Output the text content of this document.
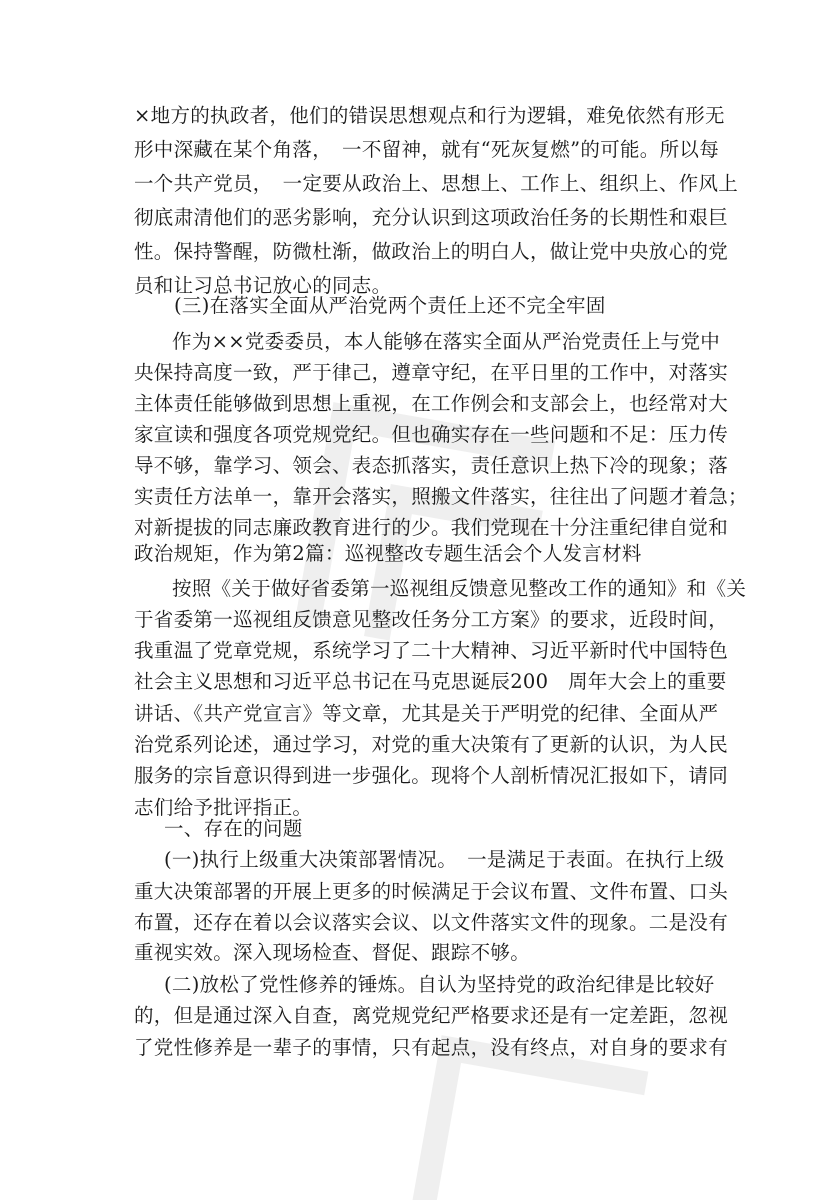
×地方的执政者，他们的错误思想观点和行为逻辑，难免依然有形无
形中深藏在某个角落，　一不留神，就有“死灰复燃”的可能。所以每
一个共产党员，　一定要从政治上、思想上、工作上、组织上、作风上
彻底肃清他们的恶劣影响，充分认识到这项政治任务的长期性和艰巨
性。保持警醒，防微杜渐，做政治上的明白人，做让党中央放心的党
员和让习总书记放心的同志。
(三)在落实全面从严治党两个责任上还不完全牢固
作为××党委委员，本人能够在落实全面从严治党责任上与党中
央保持高度一致，严于律己，遵章守纪，在平日里的工作中，对落实
主体责任能够做到思想上重视，在工作例会和支部会上，也经常对大
家宣读和强度各项党规党纪。但也确实存在一些问题和不足：压力传
导不够，靠学习、领会、表态抓落实，责任意识上热下冷的现象；落
实责任方法单一，靠开会落实，照搬文件落实，往往出了问题才着急；
对新提拔的同志廉政教育进行的少。我们党现在十分注重纪律自觉和
政治规矩，作为第2篇：巡视整改专题生活会个人发言材料
按照《关于做好省委第一巡视组反馈意见整改工作的通知》和《关
于省委第一巡视组反馈意见整改任务分工方案》的要求，近段时间，
我重温了党章党规，系统学习了二十大精神、习近平新时代中国特色
社会主义思想和习近平总书记在马克思诞辰200　周年大会上的重要
讲话、《共产党宣言》等文章，尤其是关于严明党的纪律、全面从严
治党系列论述，通过学习，对党的重大决策有了更新的认识，为人民
服务的宗旨意识得到进一步强化。现将个人剖析情况汇报如下，请同
志们给予批评指正。
一、存在的问题
(一)执行上级重大决策部署情况。　一是满足于表面。在执行上级
重大决策部署的开展上更多的时候满足于会议布置、文件布置、口头
布置，还存在着以会议落实会议、以文件落实文件的现象。二是没有
重视实效。深入现场检查、督促、跟踪不够。
(二)放松了党性修养的锤炼。自认为坚持党的政治纪律是比较好
的，但是通过深入自查，离党规党纪严格要求还是有一定差距，忽视
了党性修养是一辈子的事情，只有起点，没有终点，对自身的要求有
